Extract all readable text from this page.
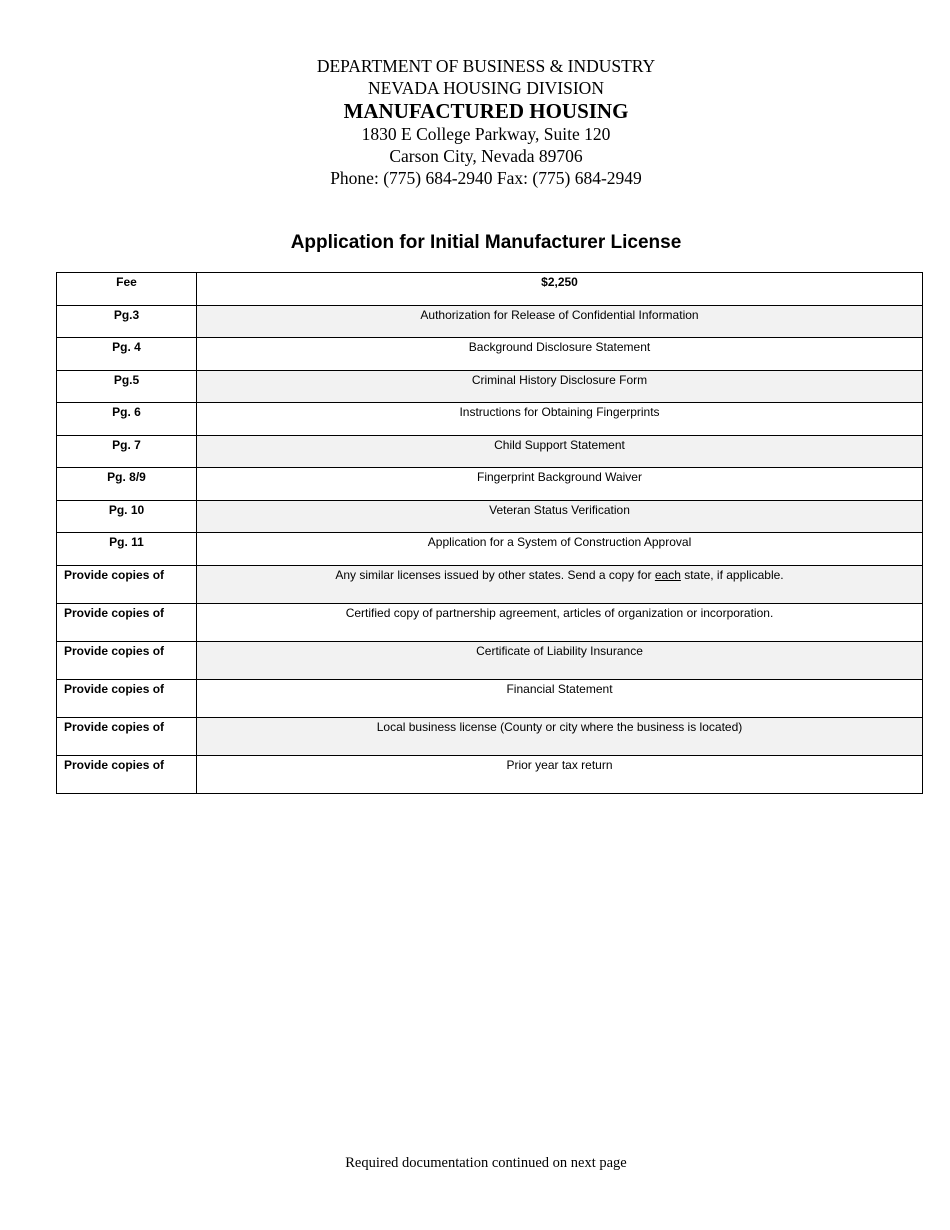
DEPARTMENT OF BUSINESS & INDUSTRY
NEVADA HOUSING DIVISION
MANUFACTURED HOUSING
1830 E College Parkway, Suite 120
Carson City, Nevada 89706
Phone: (775) 684-2940 Fax: (775) 684-2949
Application for Initial Manufacturer License
Fee	$2,250
Pg.3	Authorization for Release of Confidential Information
Pg. 4	Background Disclosure Statement
Pg.5	Criminal History Disclosure Form
Pg. 6	Instructions for Obtaining Fingerprints
Pg. 7	Child Support Statement
Pg. 8/9	Fingerprint Background Waiver
Pg. 10	Veteran Status Verification
Pg. 11	Application for a System of Construction Approval
Provide copies of	Any similar licenses issued by other states. Send a copy for each state, if applicable.
Provide copies of	Certified copy of partnership agreement, articles of organization or incorporation.
Provide copies of	Certificate of Liability Insurance
Provide copies of	Financial Statement
Provide copies of	Local business license (County or city where the business is located)
Provide copies of	Prior year tax return
Required documentation continued on next page
